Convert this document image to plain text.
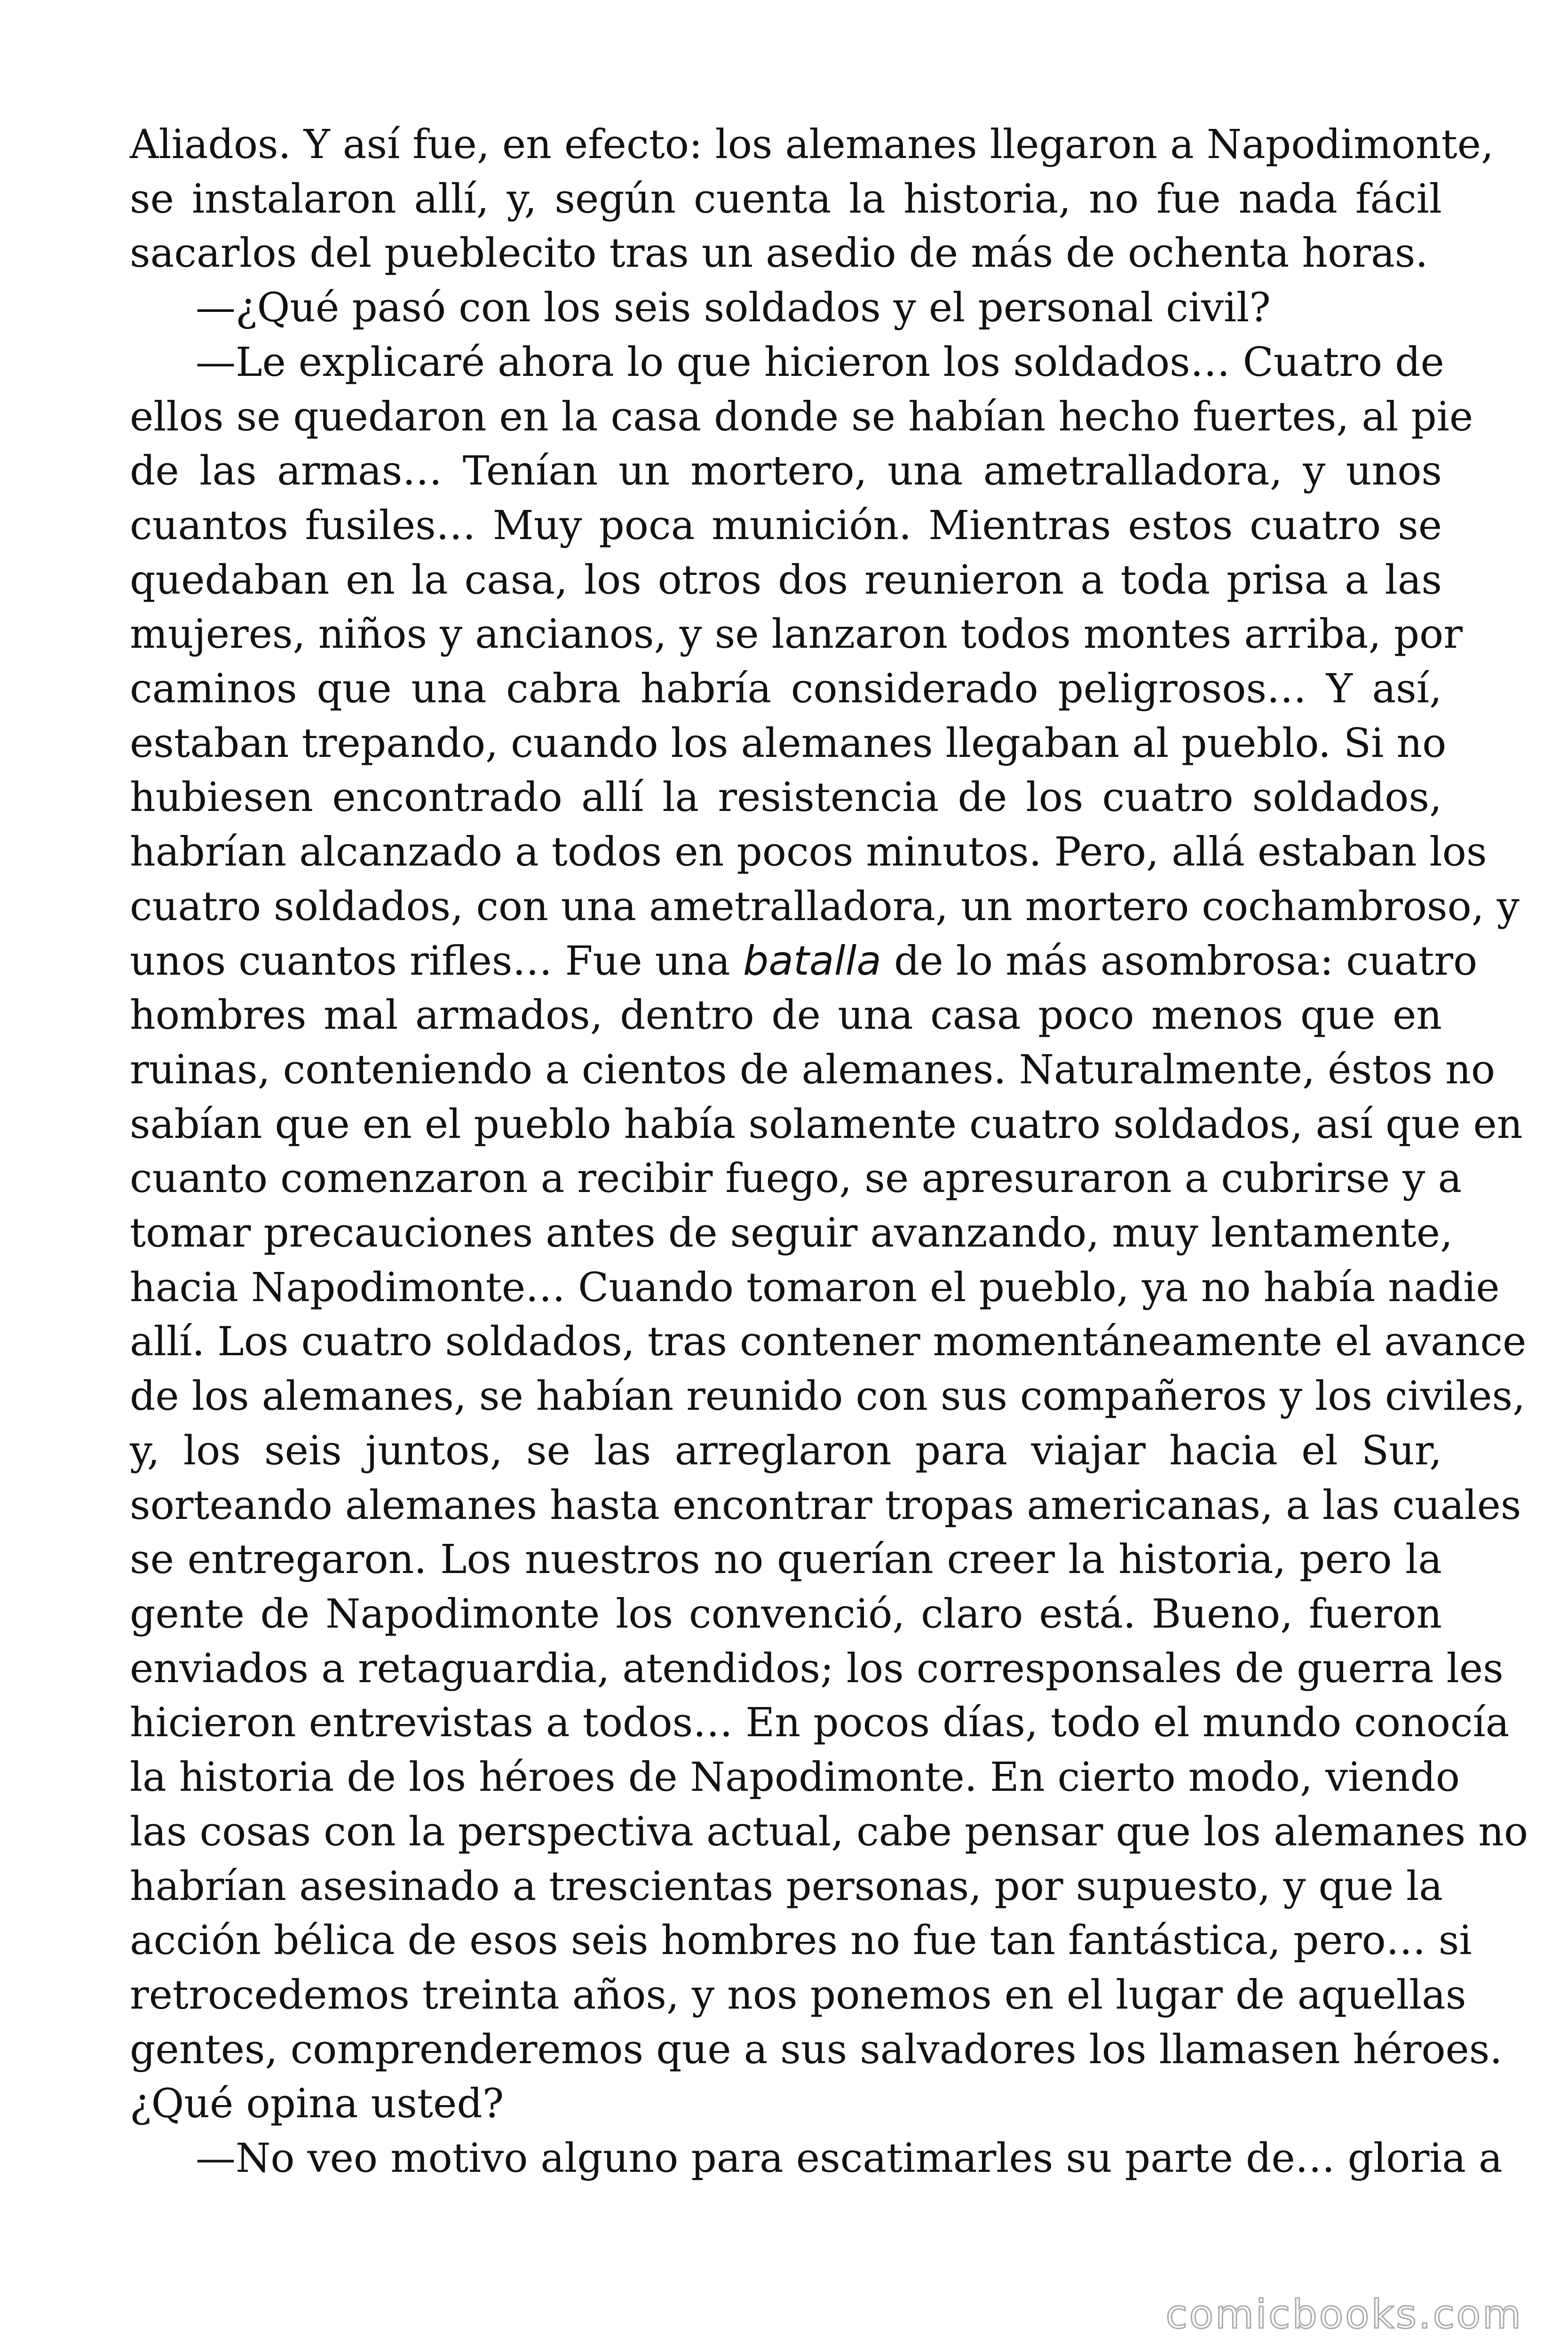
Aliados. Y así fue, en efecto: los alemanes llegaron a Napodimonte,

se instalaron allí, y, según cuenta la historia, no fue nada fácil

sacarlos del pueblecito tras un asedio de más de ochenta horas.

—¿Qué pasó con los seis soldados y el personal civil?

—Le explicaré ahora lo que hicieron los soldados… Cuatro de

ellos se quedaron en la casa donde se habían hecho fuertes, al pie

de las armas… Tenían un mortero, una ametralladora, y unos

cuantos fusiles… Muy poca munición. Mientras estos cuatro se

quedaban en la casa, los otros dos reunieron a toda prisa a las

mujeres, niños y ancianos, y se lanzaron todos montes arriba, por

caminos que una cabra habría considerado peligrosos… Y así,

estaban trepando, cuando los alemanes llegaban al pueblo. Si no

hubiesen encontrado allí la resistencia de los cuatro soldados,

habrían alcanzado a todos en pocos minutos. Pero, allá estaban los

cuatro soldados, con una ametralladora, un mortero cochambroso, y

unos cuantos rifles… Fue una batalla de lo más asombrosa: cuatro

hombres mal armados, dentro de una casa poco menos que en

ruinas, conteniendo a cientos de alemanes. Naturalmente, éstos no

sabían que en el pueblo había solamente cuatro soldados, así que en

cuanto comenzaron a recibir fuego, se apresuraron a cubrirse y a

tomar precauciones antes de seguir avanzando, muy lentamente,

hacia Napodimonte… Cuando tomaron el pueblo, ya no había nadie

allí. Los cuatro soldados, tras contener momentáneamente el avance

de los alemanes, se habían reunido con sus compañeros y los civiles,

y, los seis juntos, se las arreglaron para viajar hacia el Sur,

sorteando alemanes hasta encontrar tropas americanas, a las cuales

se entregaron. Los nuestros no querían creer la historia, pero la

gente de Napodimonte los convenció, claro está. Bueno, fueron

enviados a retaguardia, atendidos; los corresponsales de guerra les

hicieron entrevistas a todos… En pocos días, todo el mundo conocía

la historia de los héroes de Napodimonte. En cierto modo, viendo

las cosas con la perspectiva actual, cabe pensar que los alemanes no

habrían asesinado a trescientas personas, por supuesto, y que la

acción bélica de esos seis hombres no fue tan fantástica, pero… si

retrocedemos treinta años, y nos ponemos en el lugar de aquellas

gentes, comprenderemos que a sus salvadores los llamasen héroes.

¿Qué opina usted?

—No veo motivo alguno para escatimarles su parte de… gloria a

comicbooks.com
